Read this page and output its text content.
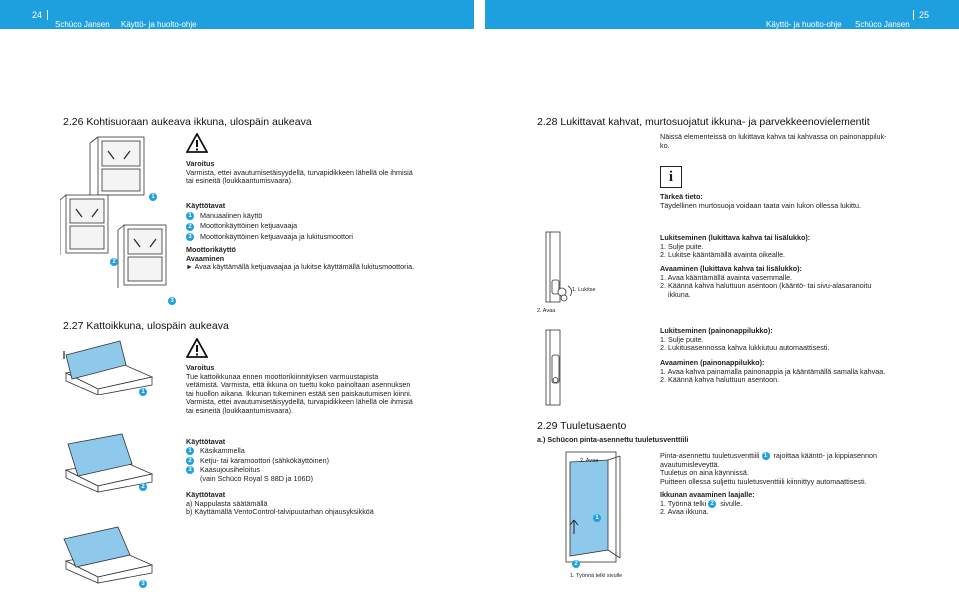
24
Schüco Jansen Käyttö- ja huolto-ohje	Käyttö- ja huolto-ohje Schüco Jansen
25
2.26 Kohtisuoraan aukeava ikkuna, ulospäin aukeava
1
2
3
Varoitus
Varmista, ettei avautumisetäisyydellä, turvapidikkeen lähellä ole ihmisiä
tai esineitä (loukkaantumisvaara).
Käyttötavat
1 Manuaalinen käyttö
2 Moottorikäyttöinen ketjuavaaja
3 Moottorikäyttöinen ketjuavaaja ja lukitusmoottori
Moottorikäyttö
Avaaminen
► Avaa käyttämällä ketjuavaajaa ja lukitse käyttämällä lukitusmoottoria.
2.27 Kattoikkuna, ulospäin aukeava
1
2
3
Varoitus
Tue kattoikkunaa ennen moottorikiinnityksen varmuustapista
vetämistä. Varmista, että ikkuna on tuettu koko painoltaan asennuksen
tai huollon aikana. Ikkunan tukeminen estää sen paiskautumisen kiinni.
Varmista, ettei avautumisetäisyydellä, turvapidikkeen lähellä ole ihmisiä
tai esineitä (loukkaantumisvaara).
Käyttötavat
1 Käsikammella
2 Ketju- tai karamoottori (sähkökäyttöinen)
3 Kaasujousiheloitus
(vain Schüco Royal S 88D ja 106D)
Käyttötavat
a) Nappulasta säätämällä
b) Käyttämällä VentoControl-talvipuutarhan ohjausyksikköä
2.28 Lukittavat kahvat, murtosuojatut ikkuna- ja parvekkeenovielementit
Näissä elementeissä on lukittava kahva tai kahvassa on painonappiluk-
ko.
i
Tärkeä tieto:
Täydellinen murtosuoja voidaan taata vain lukon ollessa lukittu.
Lukitseminen (lukittava kahva tai lisälukko):
1. Sulje puite.
2. Lukitse kääntämällä avainta oikealle.
Avaaminen (lukittava kahva tai lisälukko):
1. Avaa kääntämällä avainta vasemmalle.
2. Käännä kahva haluttuun asentoon (kääntö- tai sivu-alasaranoitu
ikkuna.
Lukitseminen (painonappilukko):
1. Sulje puite.
2. Lukitusasennossa kahva lukkiutuu automaattisesti.
Avaaminen (painonappilukko):
1. Avaa kahva painamalla painonappia ja kääntämällä samalla kahvaa.
2. Käännä kahva haluttuun asentoon.
1. Lukitse
2. Avaa
2.29 Tuuletusaento
a.) Schücon pinta-asennettu tuuletusventtiili
2. Avaa
1
2
1. Työnnä telki sivulle
Pinta-asennettu tuuletusventtiili 1 rajoittaa kääntö- ja kippiasennon
avautumisleveyttä.
Tuuletus on aina käynnissä.
Puitteen ollessa suljettu tuuletusventtiili kiinnittyy automaattisesti.
Ikkunan avaaminen laajalle:
1. Työnnä telki 2 sivulle.
2. Avaa ikkuna.
